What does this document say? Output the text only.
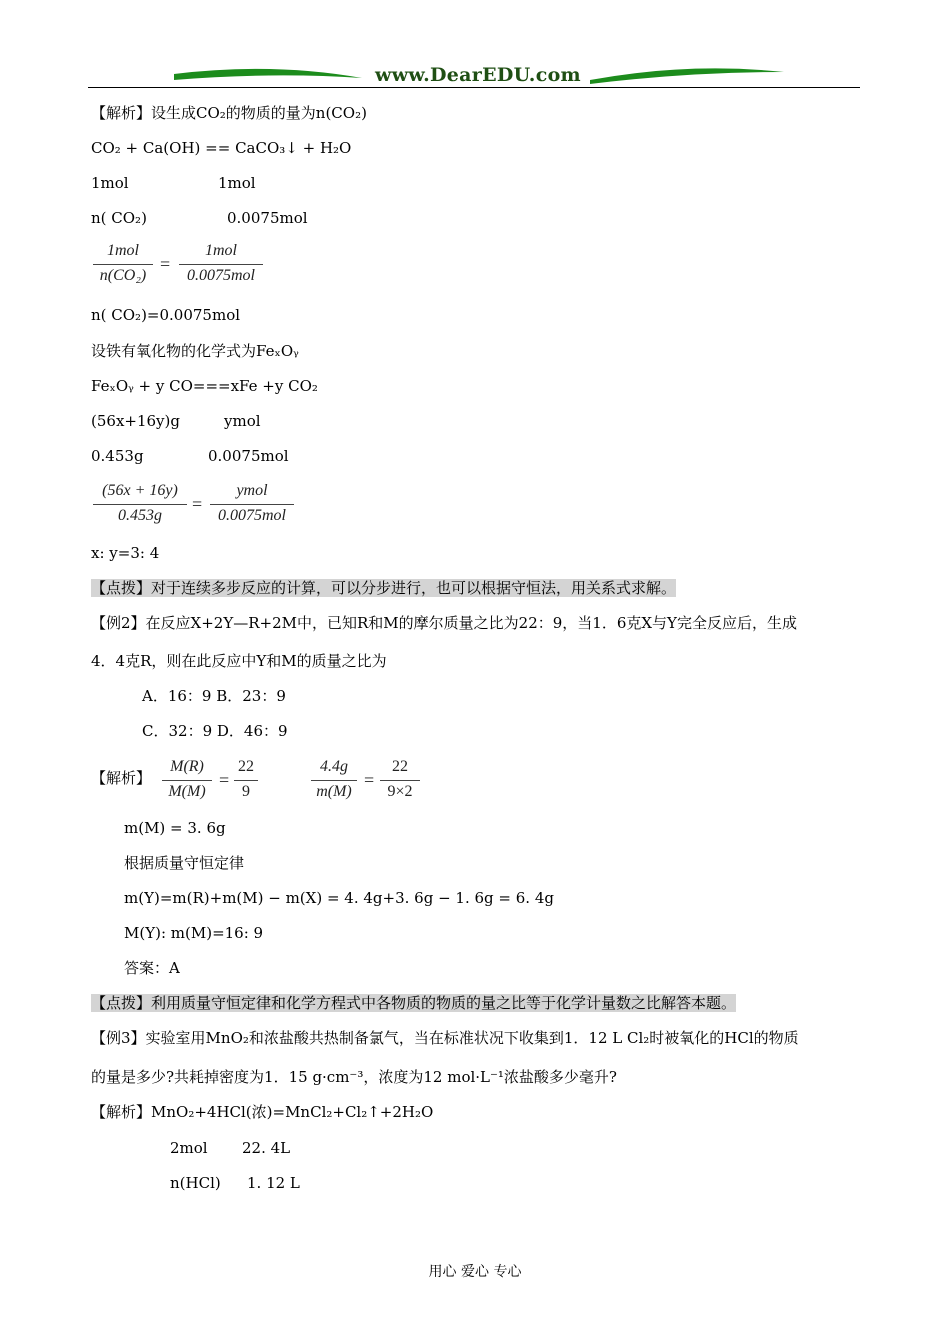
www.DearEDU.com
【解析】设生成CO₂的物质的量为n(CO₂)
CO₂ + Ca(OH) == CaCO₃↓ + H₂O
1mol	1mol
n( CO₂)	0.0075mol
1mol
n(CO₂)
=
1mol
0.0075mol
n( CO₂)=0.0075mol
设铁有氧化物的化学式为FeₓOᵧ
FeₓOᵧ + y CO===xFe +y CO₂
(56x+16y)g	ymol
0.453g	0.0075mol
(56x + 16y)
0.453g
=
ymol
0.0075mol
x: y=3: 4
【点拨】对于连续多步反应的计算，可以分步进行，也可以根据守恒法，用关系式求解。
【例2】在反应X+2Y—R+2M中，已知R和M的摩尔质量之比为22：9，当1．6克X与Y完全反应后，生成
4．4克R，则在此反应中Y和M的质量之比为
A．16：9 B．23：9
C．32：9 D．46：9
【解析】
M(R)
M(M)
=
22
9
4.4g
m(M)
=
22
9×2
m(M) = 3. 6g
根据质量守恒定律
m(Y)=m(R)+m(M) − m(X) = 4. 4g+3. 6g − 1. 6g = 6. 4g
M(Y): m(M)=16: 9
答案：A
【点拨】利用质量守恒定律和化学方程式中各物质的物质的量之比等于化学计量数之比解答本题。
【例3】实验室用MnO₂和浓盐酸共热制备氯气，当在标准状况下收集到1．12 L Cl₂时被氧化的HCl的物质
的量是多少?共耗掉密度为1．15 g·cm⁻³，浓度为12 mol·L⁻¹浓盐酸多少毫升?
【解析】MnO₂+4HCl(浓)=MnCl₂+Cl₂↑+2H₂O
2mol 22. 4L
n(HCl) 1. 12 L
用心 爱心 专心
